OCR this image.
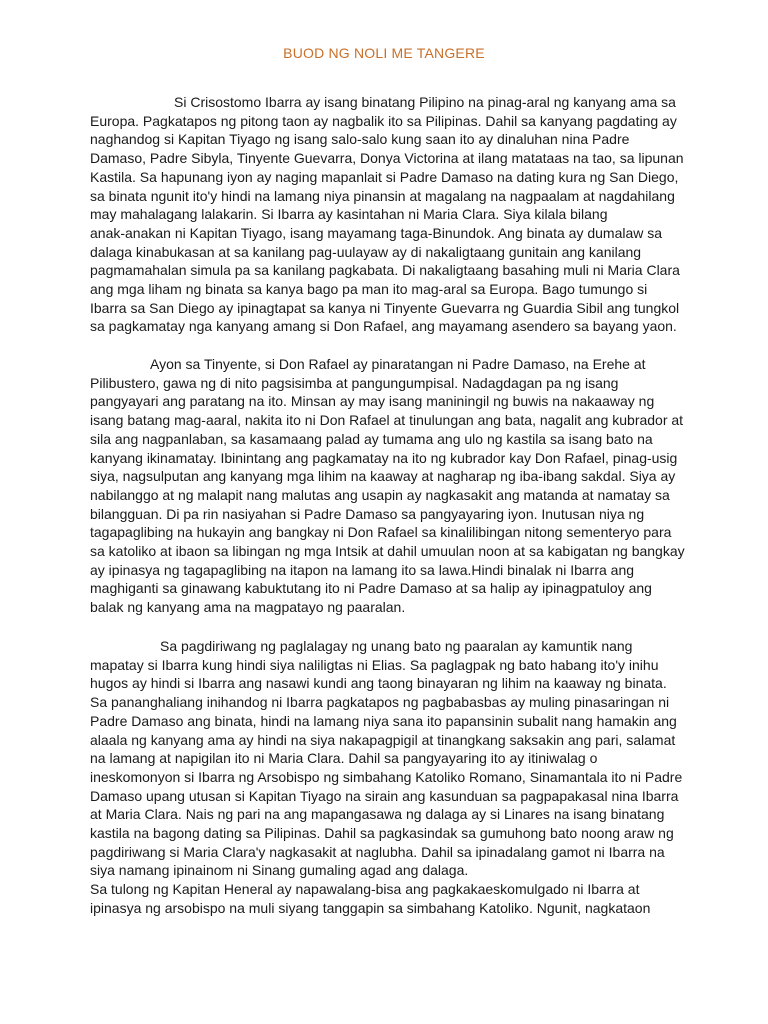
BUOD NG NOLI ME TANGERE
Si Crisostomo Ibarra ay isang binatang Pilipino na pinag-aral ng kanyang ama sa
Europa. Pagkatapos ng pitong taon ay nagbalik ito sa Pilipinas. Dahil sa kanyang pagdating ay
naghandog si Kapitan Tiyago ng isang salo-salo kung saan ito ay dinaluhan nina Padre
Damaso, Padre Sibyla, Tinyente Guevarra, Donya Victorina at ilang matataas na tao, sa lipunan
Kastila. Sa hapunang iyon ay naging mapanlait si Padre Damaso na dating kura ng San Diego,
sa binata ngunit ito'y hindi na lamang niya pinansin at magalang na nagpaalam at nagdahilang
may mahalagang lalakarin. Si Ibarra ay kasintahan ni Maria Clara. Siya kilala bilang
anak-anakan ni Kapitan Tiyago, isang mayamang taga-Binundok. Ang binata ay dumalaw sa
dalaga kinabukasan at sa kanilang pag-uulayaw ay di nakaligtaang gunitain ang kanilang
pagmamahalan simula pa sa kanilang pagkabata. Di nakaligtaang basahing muli ni Maria Clara
ang mga liham ng binata sa kanya bago pa man ito mag-aral sa Europa. Bago tumungo si
Ibarra sa San Diego ay ipinagtapat sa kanya ni Tinyente Guevarra ng Guardia Sibil ang tungkol
sa pagkamatay nga kanyang amang si Don Rafael, ang mayamang asendero sa bayang yaon.
Ayon sa Tinyente, si Don Rafael ay pinaratangan ni Padre Damaso, na Erehe at
Pilibustero, gawa ng di nito pagsisimba at pangungumpisal. Nadagdagan pa ng isang
pangyayari ang paratang na ito. Minsan ay may isang maniningil ng buwis na nakaaway ng
isang batang mag-aaral, nakita ito ni Don Rafael at tinulungan ang bata, nagalit ang kubrador at
sila ang nagpanlaban, sa kasamaang palad ay tumama ang ulo ng kastila sa isang bato na
kanyang ikinamatay. Ibinintang ang pagkamatay na ito ng kubrador kay Don Rafael, pinag-usig
siya, nagsulputan ang kanyang mga lihim na kaaway at nagharap ng iba-ibang sakdal. Siya ay
nabilanggo at ng malapit nang malutas ang usapin ay nagkasakit ang matanda at namatay sa
bilangguan. Di pa rin nasiyahan si Padre Damaso sa pangyayaring iyon. Inutusan niya ng
tagapaglibing na hukayin ang bangkay ni Don Rafael sa kinalilibingan nitong sementeryo para
sa katoliko at ibaon sa libingan ng mga Intsik at dahil umuulan noon at sa kabigatan ng bangkay
ay ipinasya ng tagapaglibing na itapon na lamang ito sa lawa.Hindi binalak ni Ibarra ang
maghiganti sa ginawang kabuktutang ito ni Padre Damaso at sa halip ay ipinagpatuloy ang
balak ng kanyang ama na magpatayo ng paaralan.
Sa pagdiriwang ng paglalagay ng unang bato ng paaralan ay kamuntik nang
mapatay si Ibarra kung hindi siya naliligtas ni Elias. Sa paglagpak ng bato habang ito'y inihu
hugos ay hindi si Ibarra ang nasawi kundi ang taong binayaran ng lihim na kaaway ng binata.
Sa pananghaliang inihandog ni Ibarra pagkatapos ng pagbabasbas ay muling pinasaringan ni
Padre Damaso ang binata, hindi na lamang niya sana ito papansinin subalit nang hamakin ang
alaala ng kanyang ama ay hindi na siya nakapagpigil at tinangkang saksakin ang pari, salamat
na lamang at napigilan ito ni Maria Clara. Dahil sa pangyayaring ito ay itiniwalag o
ineskomonyon si Ibarra ng Arsobispo ng simbahang Katoliko Romano, Sinamantala ito ni Padre
Damaso upang utusan si Kapitan Tiyago na sirain ang kasunduan sa pagpapakasal nina Ibarra
at Maria Clara. Nais ng pari na ang mapangasawa ng dalaga ay si Linares na isang binatang
kastila na bagong dating sa Pilipinas. Dahil sa pagkasindak sa gumuhong bato noong araw ng
pagdiriwang si Maria Clara'y nagkasakit at naglubha. Dahil sa ipinadalang gamot ni Ibarra na
siya namang ipinainom ni Sinang gumaling agad ang dalaga.
Sa tulong ng Kapitan Heneral ay napawalang-bisa ang pagkakaeskomulgado ni Ibarra at
ipinasya ng arsobispo na muli siyang tanggapin sa simbahang Katoliko. Ngunit, nagkataon
